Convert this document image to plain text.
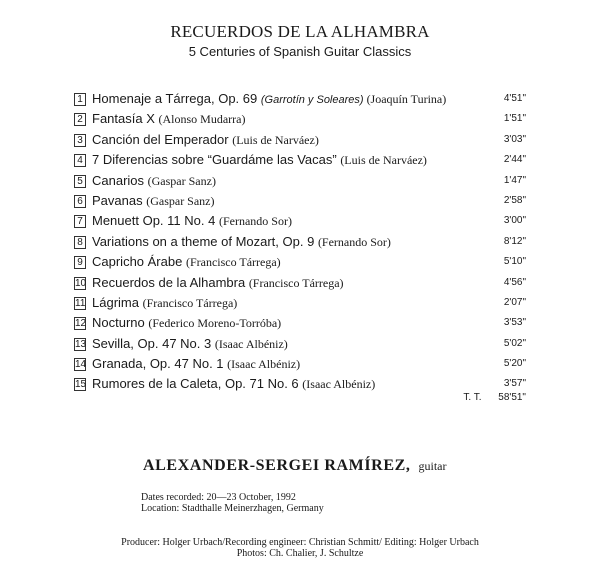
RECUERDOS DE LA ALHAMBRA
5 Centuries of Spanish Guitar Classics
1 Homenaje a Tárrega, Op. 69 (Garrotín y Soleares) (Joaquín Turina)	4'51"
2 Fantasía X (Alonso Mudarra)	1'51"
3 Canción del Emperador (Luis de Narváez)	3'03"
4 7 Diferencias sobre “Guardáme las Vacas” (Luis de Narváez)	2'44"
5 Canarios (Gaspar Sanz)	1'47"
6 Pavanas (Gaspar Sanz)	2'58"
7 Menuett Op. 11 No. 4 (Fernando Sor)	3'00"
8 Variations on a theme of Mozart, Op. 9 (Fernando Sor)	8'12"
9 Capricho Árabe (Francisco Tárrega)	5'10"
10 Recuerdos de la Alhambra (Francisco Tárrega)	4'56"
11 Lágrima (Francisco Tárrega)	2'07"
12 Nocturno (Federico Moreno-Torróba)	3'53"
13 Sevilla, Op. 47 No. 3 (Isaac Albéniz)	5'02"
14 Granada, Op. 47 No. 1 (Isaac Albéniz)	5'20"
15 Rumores de la Caleta, Op. 71 No. 6 (Isaac Albéniz)	3'57"
T. T. 58'51"
ALEXANDER-SERGEI RAMÍREZ, guitar
Dates recorded: 20—23 October, 1992
Location: Stadthalle Meinerzhagen, Germany
Producer: Holger Urbach/Recording engineer: Christian Schmitt/ Editing: Holger Urbach
Photos: Ch. Chalier, J. Schultze
